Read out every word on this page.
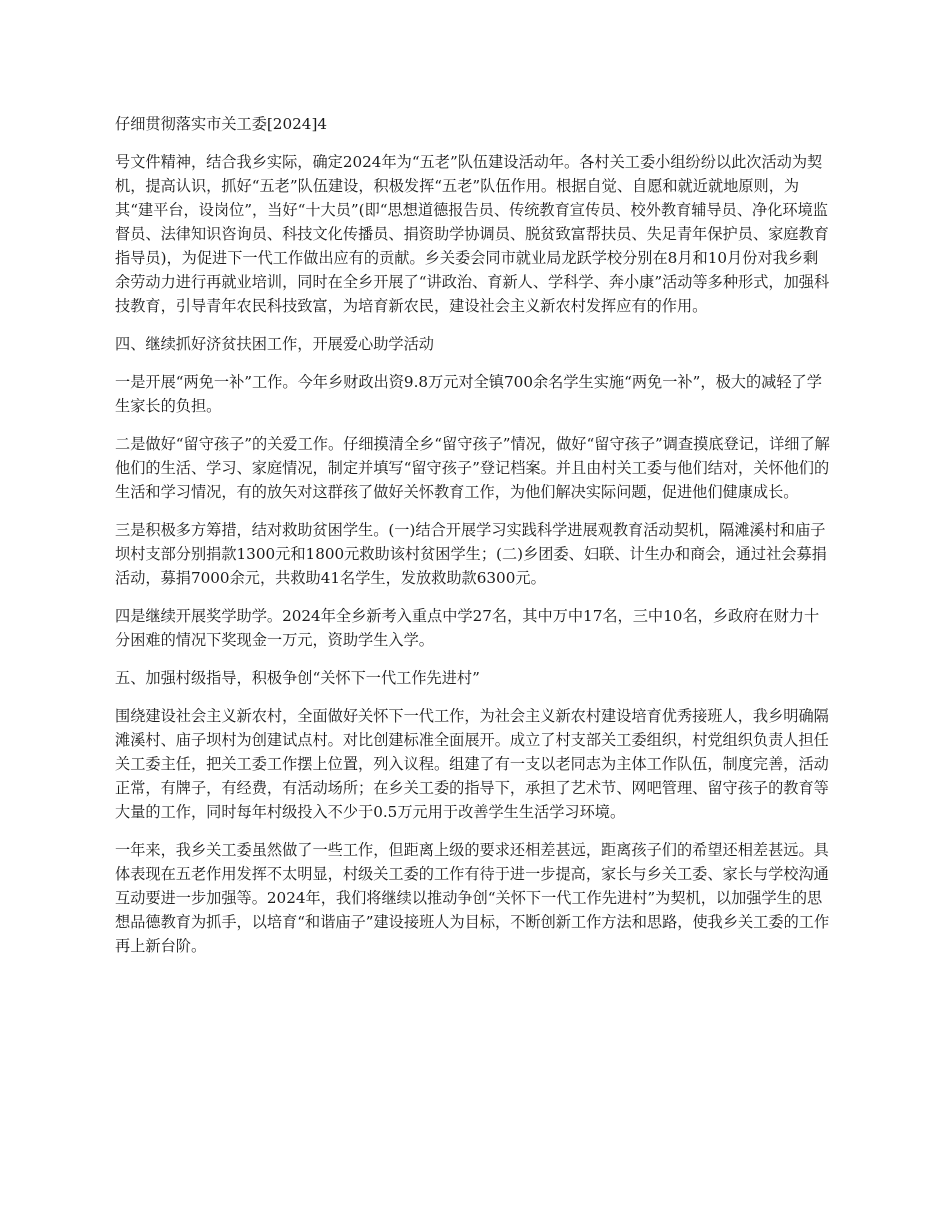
仔细贯彻落实市关工委[2024]4

号文件精神，结合我乡实际，确定2024年为“五老”队伍建设活动年。各村关工委小组纷纷以此次活动为契机，提高认识，抓好“五老”队伍建设，积极发挥“五老”队伍作用。根据自觉、自愿和就近就地原则，为其“建平台，设岗位”，当好“十大员”(即“思想道德报告员、传统教育宣传员、校外教育辅导员、净化环境监督员、法律知识咨询员、科技文化传播员、捐资助学协调员、脱贫致富帮扶员、失足青年保护员、家庭教育指导员)，为促进下一代工作做出应有的贡献。乡关委会同市就业局龙跃学校分别在8月和10月份对我乡剩余劳动力进行再就业培训，同时在全乡开展了“讲政治、育新人、学科学、奔小康”活动等多种形式，加强科技教育，引导青年农民科技致富，为培育新农民，建设社会主义新农村发挥应有的作用。

四、继续抓好济贫扶困工作，开展爱心助学活动

一是开展“两免一补”工作。今年乡财政出资9.8万元对全镇700余名学生实施“两免一补”，极大的减轻了学生家长的负担。

二是做好“留守孩子”的关爱工作。仔细摸清全乡“留守孩子”情况，做好“留守孩子”调查摸底登记，详细了解他们的生活、学习、家庭情况，制定并填写“留守孩子”登记档案。并且由村关工委与他们结对，关怀他们的生活和学习情况，有的放矢对这群孩了做好关怀教育工作，为他们解决实际问题，促进他们健康成长。

三是积极多方筹措，结对救助贫困学生。(一)结合开展学习实践科学进展观教育活动契机，隔滩溪村和庙子坝村支部分别捐款1300元和1800元救助该村贫困学生；(二)乡团委、妇联、计生办和商会，通过社会募捐活动，募捐7000余元，共救助41名学生，发放救助款6300元。

四是继续开展奖学助学。2024年全乡新考入重点中学27名，其中万中17名，三中10名，乡政府在财力十分困难的情况下奖现金一万元，资助学生入学。

五、加强村级指导，积极争创“关怀下一代工作先进村”

围绕建设社会主义新农村，全面做好关怀下一代工作，为社会主义新农村建设培育优秀接班人，我乡明确隔滩溪村、庙子坝村为创建试点村。对比创建标准全面展开。成立了村支部关工委组织，村党组织负责人担任关工委主任，把关工委工作摆上位置，列入议程。组建了有一支以老同志为主体工作队伍，制度完善，活动正常，有牌子，有经费，有活动场所；在乡关工委的指导下，承担了艺术节、网吧管理、留守孩子的教育等大量的工作，同时每年村级投入不少于0.5万元用于改善学生生活学习环境。

一年来，我乡关工委虽然做了一些工作，但距离上级的要求还相差甚远，距离孩子们的希望还相差甚远。具体表现在五老作用发挥不太明显，村级关工委的工作有待于进一步提高，家长与乡关工委、家长与学校沟通互动要进一步加强等。2024年，我们将继续以推动争创“关怀下一代工作先进村”为契机，以加强学生的思想品德教育为抓手，以培育“和谐庙子”建设接班人为目标，不断创新工作方法和思路，使我乡关工委的工作再上新台阶。
